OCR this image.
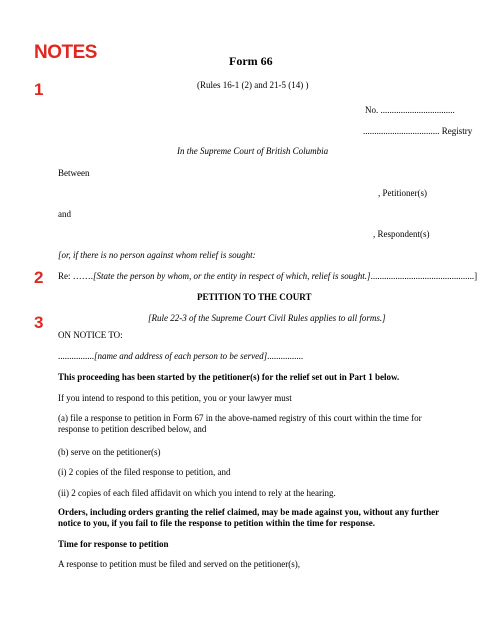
NOTES
1
2
3
Form 66
(Rules 16-1 (2) and 21-5 (14) )
No. .................................
.................................. Registry
In the Supreme Court of British Columbia
Between
, Petitioner(s)
and
, Respondent(s)
[or, if there is no person against whom relief is sought:
Re: …….[State the person by whom, or the entity in respect of which, relief is sought.]..............................................]
PETITION TO THE COURT
[Rule 22-3 of the Supreme Court Civil Rules applies to all forms.]
ON NOTICE TO:
................[name and address of each person to be served]................
This proceeding has been started by the petitioner(s) for the relief set out in Part 1 below.
If you intend to respond to this petition, you or your lawyer must
(a) file a response to petition in Form 67 in the above-named registry of this court within the time for response to petition described below, and
(b) serve on the petitioner(s)
(i) 2 copies of the filed response to petition, and
(ii) 2 copies of each filed affidavit on which you intend to rely at the hearing.
Orders, including orders granting the relief claimed, may be made against you, without any further notice to you, if you fail to file the response to petition within the time for response.
Time for response to petition
A response to petition must be filed and served on the petitioner(s),
